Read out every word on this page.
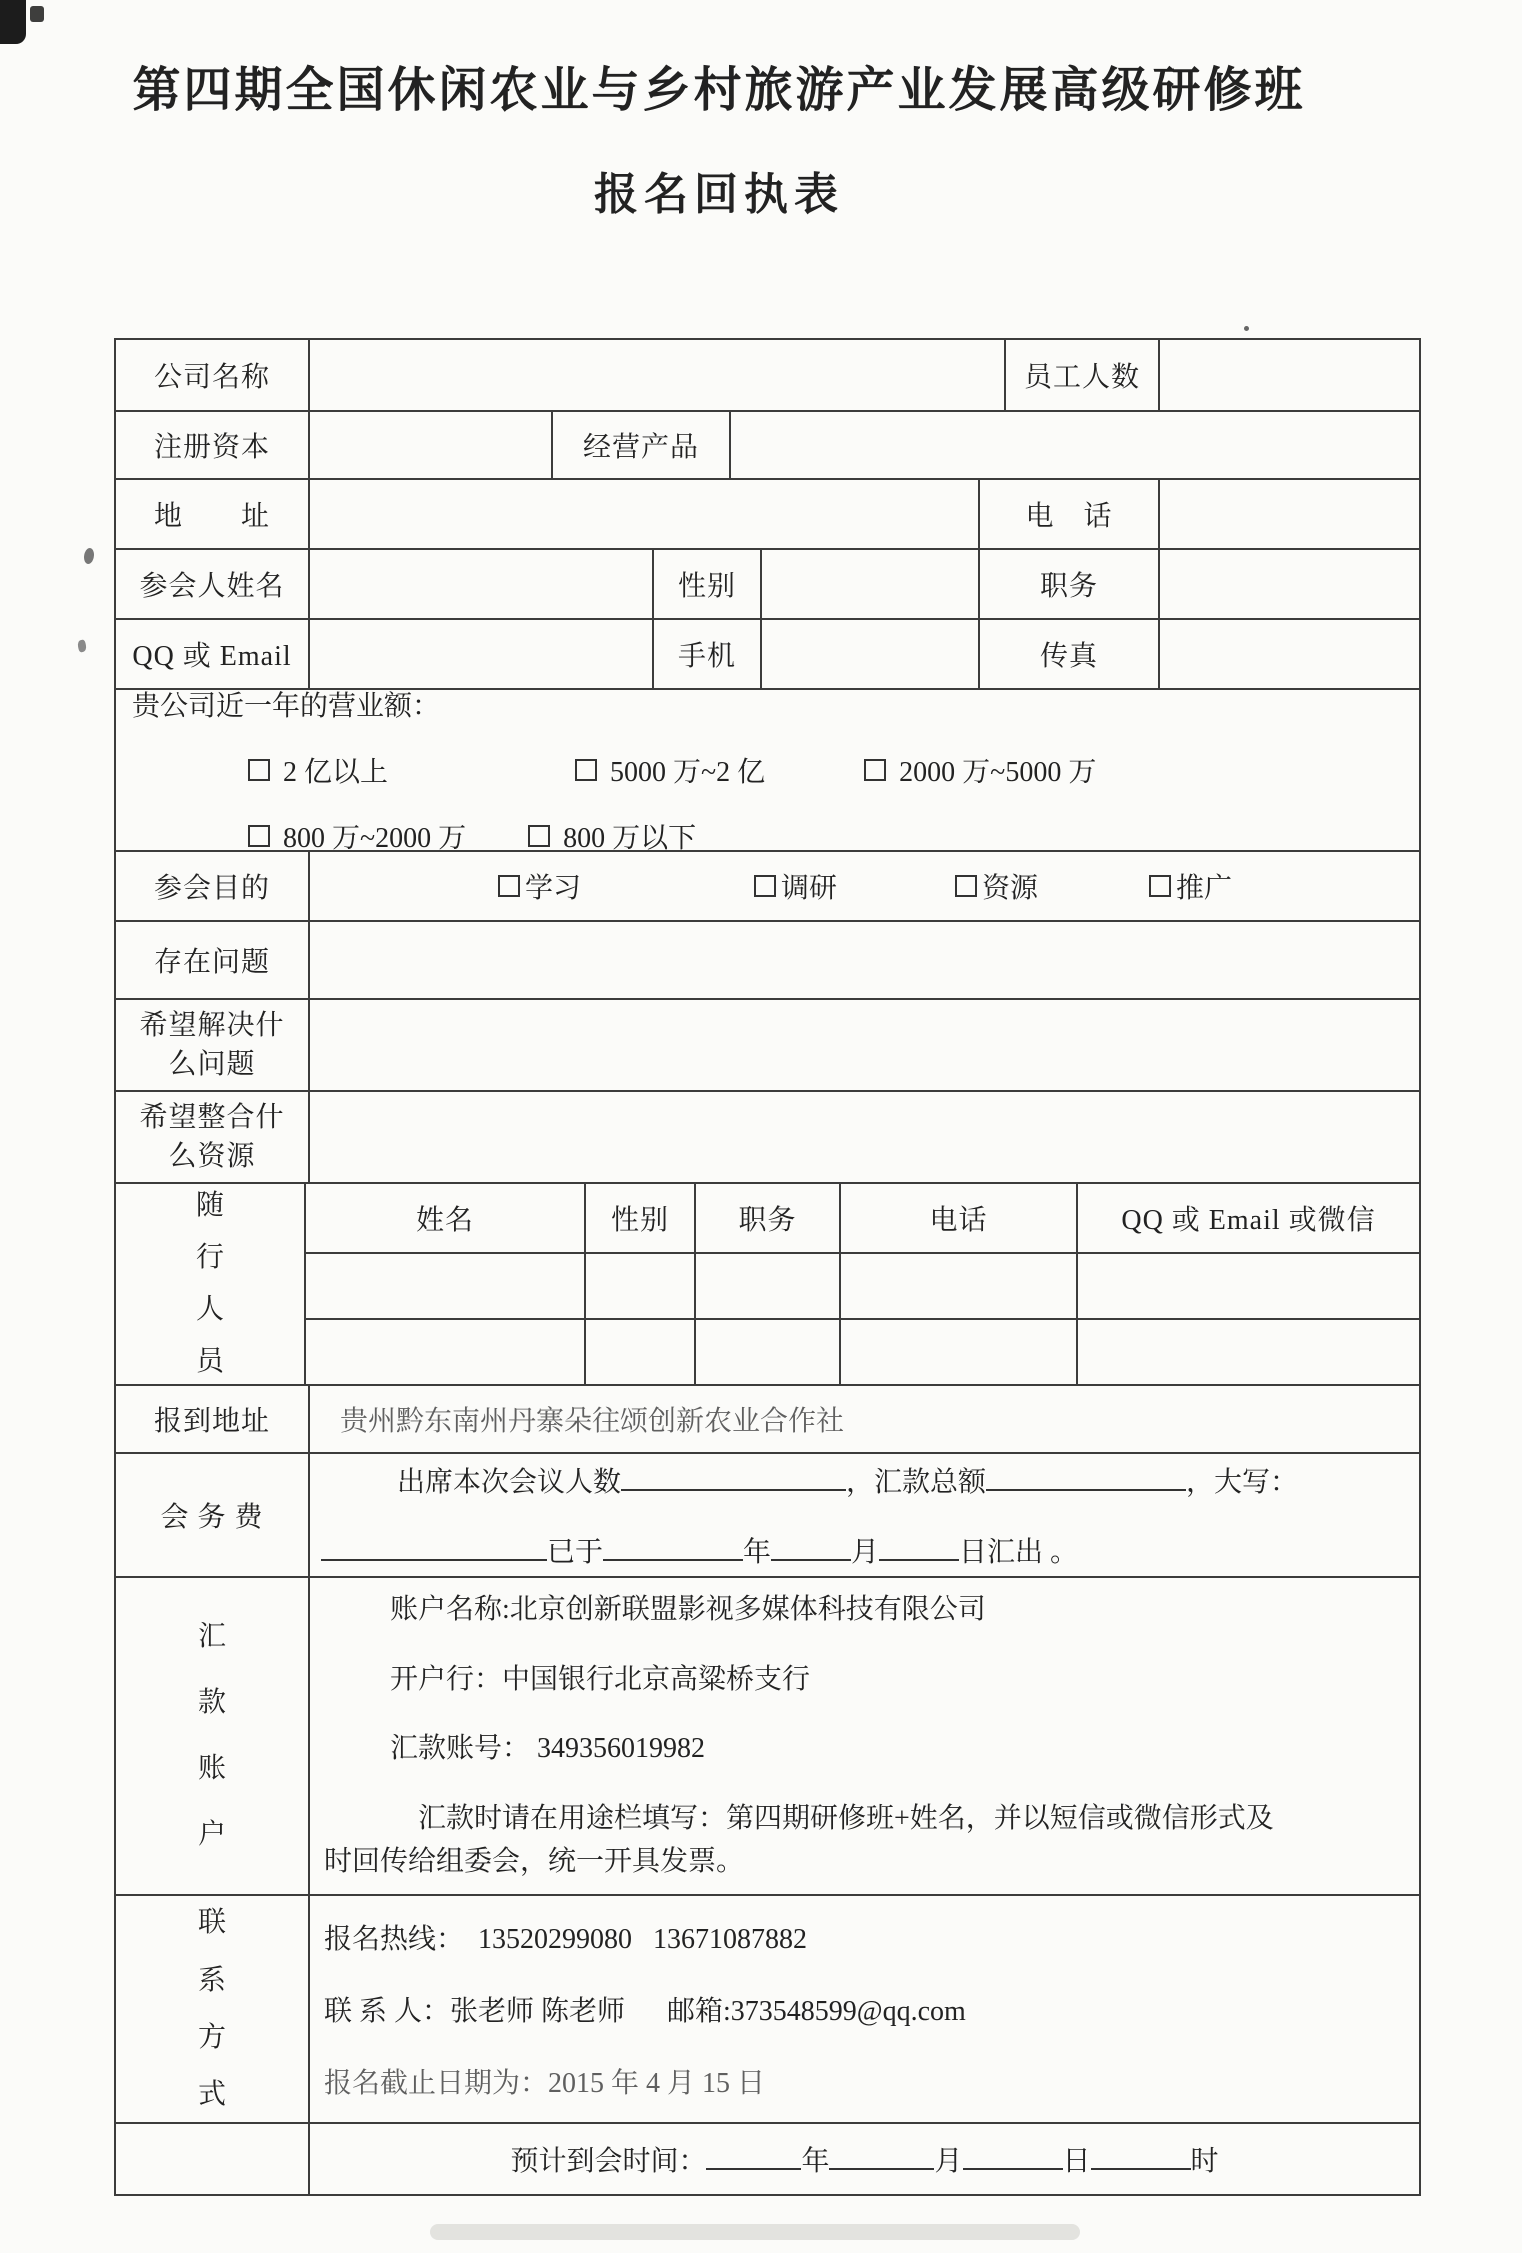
第四期全国休闲农业与乡村旅游产业发展高级研修班
报名回执表
公司名称	员工人数
注册资本	经营产品
地　　址	电　话
参会人姓名	性别	职务
QQ 或 Email	手机	传真
贵公司近一年的营业额：
2 亿以上	5000 万~2 亿	2000 万~5000 万
800 万~2000 万	800 万以下
参会目的	学习	调研	资源	推广
存在问题
希望解决什
么问题
希望整合什
么资源
随行人员
姓名	性别	职务	电话	QQ 或 Email 或微信
报到地址	贵州黔东南州丹寨朵往颂创新农业合作社
会 务 费
出席本次会议人数	，汇款总额	，大写：
已于	年	月	日汇出 。
汇款账户
账户名称:北京创新联盟影视多媒体科技有限公司
开户行：中国银行北京高粱桥支行
汇款账号： 349356019982
汇款时请在用途栏填写：第四期研修班+姓名，并以短信或微信形式及
时回传给组委会，统一开具发票。
联系方式
报名热线：  13520299080   13671087882
联 系 人：张老师 陈老师      邮箱:373548599@qq.com
报名截止日期为：2015 年 4 月 15 日
预计到会时间：	年	月	日	时
